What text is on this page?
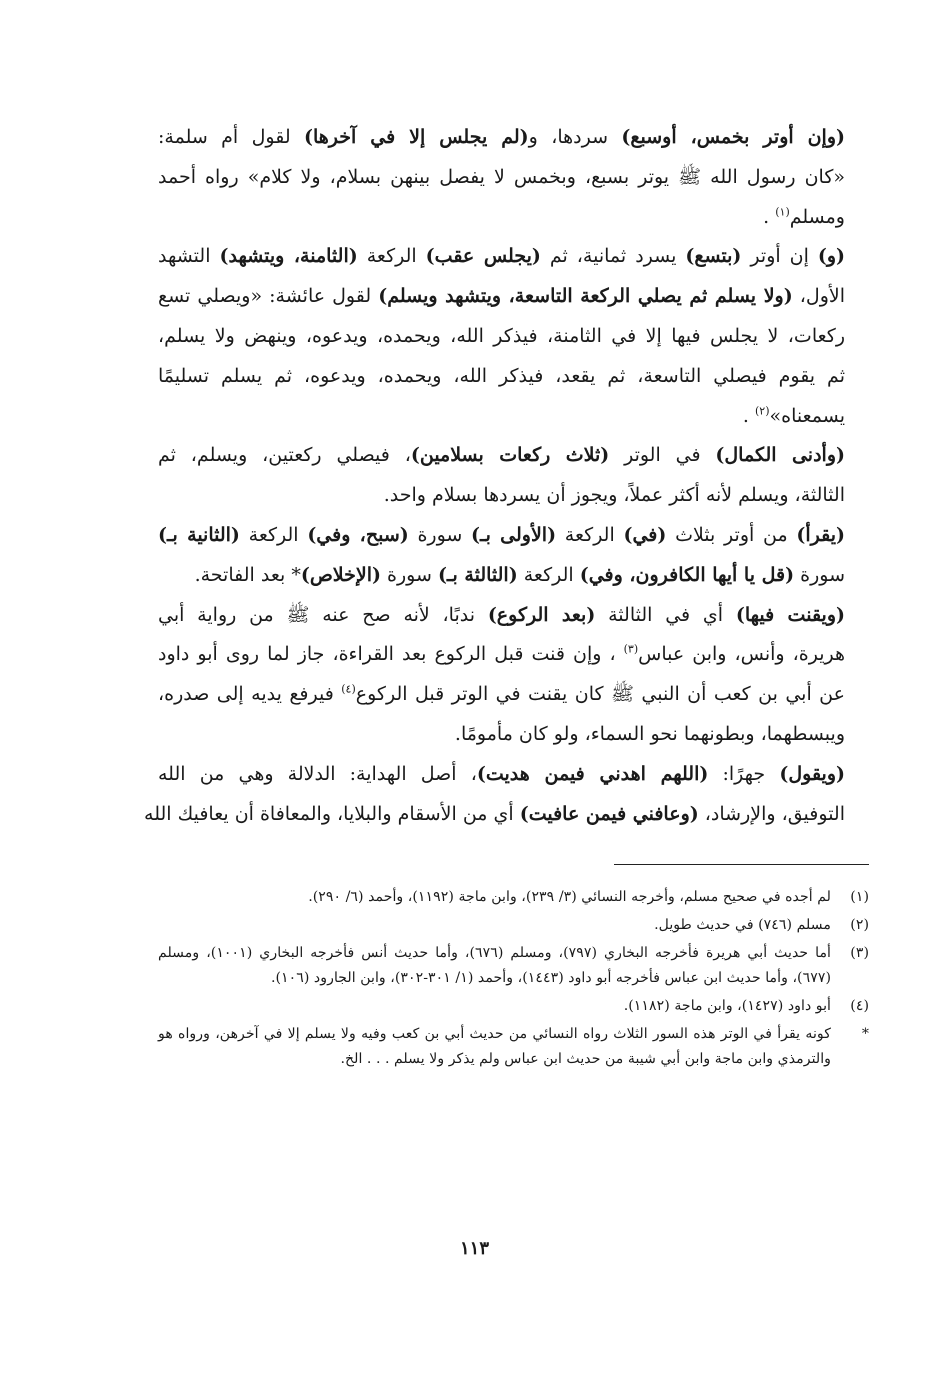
(وإن أوتر بخمس، أوسبع) سردها، و(لم يجلس إلا في آخرها) لقول أم سلمة:
«كان رسول الله ﷺ يوتر بسبع، وبخمس لا يفصل بينهن بسلام، ولا كلام» رواه أحمد
ومسلم$^{(١)}$ .

(و) إن أوتر (بتسع) يسرد ثمانية، ثم (يجلس عقب) الركعة (الثامنة، ويتشهد) التشهد
الأول، (ولا يسلم ثم يصلي الركعة التاسعة، ويتشهد ويسلم) لقول عائشة: «ويصلي تسع
ركعات، لا يجلس فيها إلا في الثامنة، فيذكر الله، ويحمده، ويدعوه، وينهض ولا يسلم،
ثم يقوم فيصلي التاسعة، ثم يقعد، فيذكر الله، ويحمده، ويدعوه، ثم يسلم تسليمًا
يسمعناه»$^{(٢)}$ .

(وأدنى الكمال) في الوتر (ثلاث ركعات بسلامين)، فيصلي ركعتين، ويسلم، ثم
الثالثة، ويسلم لأنه أكثر عملاً، ويجوز أن يسردها بسلام واحد.

(يقرأ) من أوتر بثلاث (في) الركعة (الأولى بـ) سورة (سبح، وفي) الركعة (الثانية بـ)
سورة (قل يا أيها الكافرون، وفي) الركعة (الثالثة بـ) سورة (الإخلاص)* بعد الفاتحة.

(ويقنت فيها) أي في الثالثة (بعد الركوع) ندبًا، لأنه صح عنه ﷺ من رواية أبي
هريرة، وأنس، وابن عباس$^{(٣)}$ ، وإن قنت قبل الركوع بعد القراءة، جاز لما روى أبو داود
عن أبي بن كعب أن النبي ﷺ كان يقنت في الوتر قبل الركوع$^{(٤)}$ فيرفع يديه إلى صدره،
ويبسطهما، وبطونهما نحو السماء، ولو كان مأمومًا.

(ويقول) جهرًا: (اللهم اهدني فيمن هديت)، أصل الهداية: الدلالة وهي من الله
التوفيق، والإرشاد، (وعافني فيمن عافيت) أي من الأسقام والبلايا، والمعافاة أن يعافيك الله

(١)
لم أجده في صحيح مسلم، وأخرجه النسائي (٣/ ٢٣٩)، وابن ماجة (١١٩٢)، وأحمد (٦/ ٢٩٠).
(٢)
مسلم (٧٤٦) في حديث طويل.
(٣)
أما حديث أبي هريرة فأخرجه البخاري (٧٩٧)، ومسلم (٦٧٦)، وأما حديث أنس فأخرجه البخاري (١٠٠١)، ومسلم (٦٧٧)، وأما حديث ابن عباس فأخرجه أبو داود (١٤٤٣)، وأحمد (١/ ٣٠١-٣٠٢)، وابن الجارود (١٠٦).
(٤)
أبو داود (١٤٢٧)، وابن ماجة (١١٨٢).
*
كونه يقرأ في الوتر هذه السور الثلاث رواه النسائي من حديث أبي بن كعب وفيه ولا يسلم إلا في آخرهن، ورواه هو والترمذي وابن ماجة وابن أبي شيبة من حديث ابن عباس ولم يذكر ولا يسلم . . . الخ.
١١٣
